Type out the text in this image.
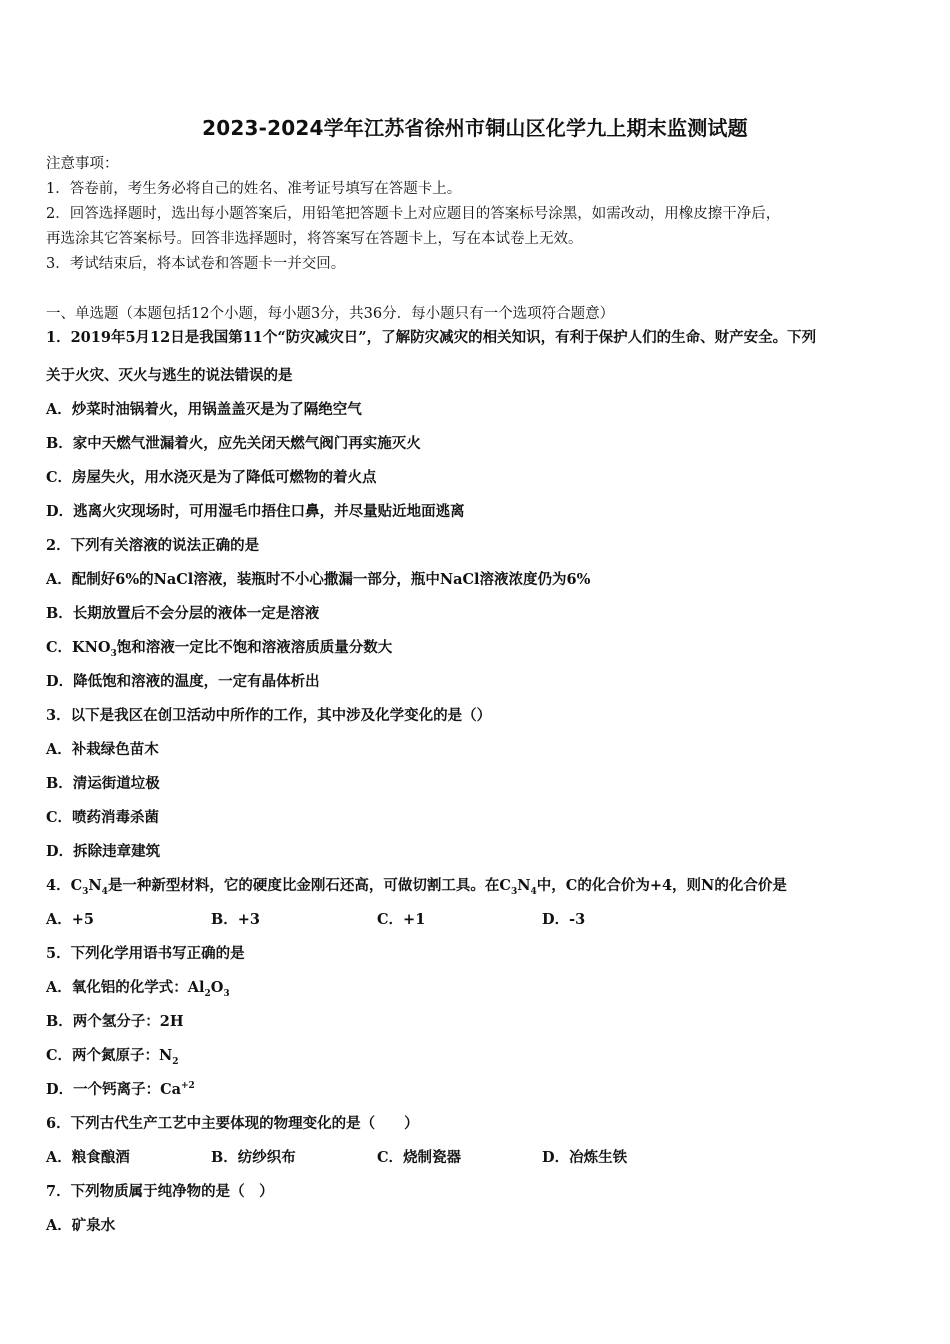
2023-2024学年江苏省徐州市铜山区化学九上期末监测试题
注意事项：
1．答卷前，考生务必将自己的姓名、准考证号填写在答题卡上。
2．回答选择题时，选出每小题答案后，用铅笔把答题卡上对应题目的答案标号涂黑，如需改动，用橡皮擦干净后，
再选涂其它答案标号。回答非选择题时，将答案写在答题卡上，写在本试卷上无效。
3．考试结束后，将本试卷和答题卡一并交回。
一、单选题（本题包括12个小题，每小题3分，共36分．每小题只有一个选项符合题意）
1．2019年5月12日是我国第11个“防灾减灾日”，了解防灾减灾的相关知识，有利于保护人们的生命、财产安全。下列
关于火灾、灭火与逃生的说法错误的是
A．炒菜时油锅着火，用锅盖盖灭是为了隔绝空气
B．家中天燃气泄漏着火，应先关闭天燃气阀门再实施灭火
C．房屋失火，用水浇灭是为了降低可燃物的着火点
D．逃离火灾现场时，可用湿毛巾捂住口鼻，并尽量贴近地面逃离
2．下列有关溶液的说法正确的是
A．配制好6%的NaCl溶液，装瓶时不小心撒漏一部分，瓶中NaCl溶液浓度仍为6%
B．长期放置后不会分层的液体一定是溶液
C．$KNO_3$饱和溶液一定比不饱和溶液溶质质量分数大
D．降低饱和溶液的温度，一定有晶体析出
3．以下是我区在创卫活动中所作的工作，其中涉及化学变化的是（）
A．补栽绿色苗木
B．清运街道垃极
C．喷药消毒杀菌
D．拆除违章建筑
4．$C_3N_4$是一种新型材料，它的硬度比金刚石还高，可做切割工具。在$C_3N_4$中，C的化合价为+4，则N的化合价是
A．+5	B．+3	C．+1	D．-3
5．下列化学用语书写正确的是
A．氧化铝的化学式：$Al_2O_3$
B．两个氢分子：2H
C．两个氮原子：$N_2$
D．一个钙离子：$Ca^{+2}$
6．下列古代生产工艺中主要体现的物理变化的是（　　）
A．粮食酿酒	B．纺纱织布	C．烧制瓷器	D．冶炼生铁
7．下列物质属于纯净物的是（　）
A．矿泉水
